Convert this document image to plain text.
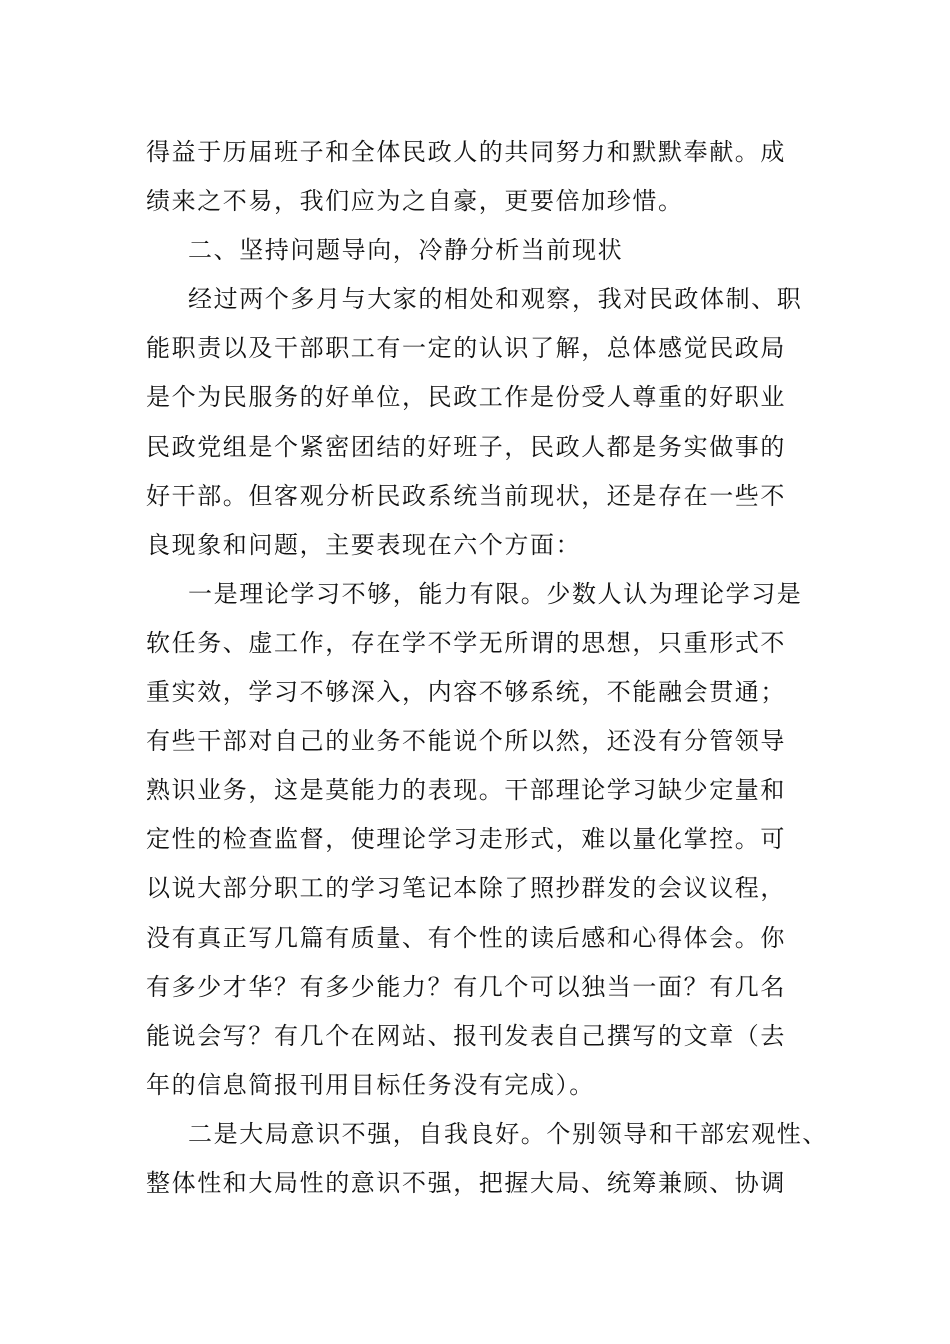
得益于历届班子和全体民政人的共同努力和默默奉献。成
绩来之不易，我们应为之自豪，更要倍加珍惜。
二、坚持问题导向，冷静分析当前现状
经过两个多月与大家的相处和观察，我对民政体制、职
能职责以及干部职工有一定的认识了解，总体感觉民政局
是个为民服务的好单位，民政工作是份受人尊重的好职业
民政党组是个紧密团结的好班子，民政人都是务实做事的
好干部。但客观分析民政系统当前现状，还是存在一些不
良现象和问题，主要表现在六个方面：
一是理论学习不够，能力有限。少数人认为理论学习是
软任务、虚工作，存在学不学无所谓的思想，只重形式不
重实效，学习不够深入，内容不够系统，不能融会贯通；
有些干部对自己的业务不能说个所以然，还没有分管领导
熟识业务，这是莫能力的表现。干部理论学习缺少定量和
定性的检查监督，使理论学习走形式，难以量化掌控。可
以说大部分职工的学习笔记本除了照抄群发的会议议程，
没有真正写几篇有质量、有个性的读后感和心得体会。你
有多少才华？有多少能力？有几个可以独当一面？有几名
能说会写？有几个在网站、报刊发表自己撰写的文章（去
年的信息简报刊用目标任务没有完成）。
二是大局意识不强，自我良好。个别领导和干部宏观性、
整体性和大局性的意识不强，把握大局、统筹兼顾、协调
